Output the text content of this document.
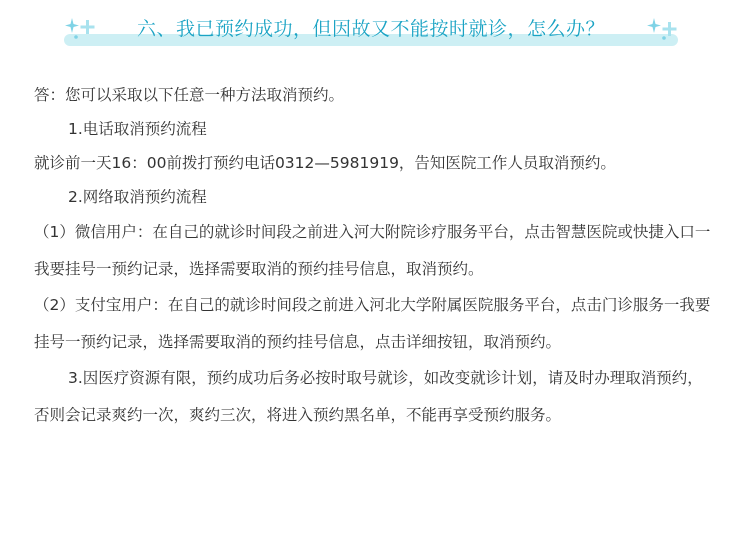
六、我已预约成功，但因故又不能按时就诊，怎么办？

答：您可以采取以下任意一种方法取消预约。

1.电话取消预约流程

就诊前一天16：00前拨打预约电话0312—5981919，告知医院工作人员取消预约。

2.网络取消预约流程

（1）微信用户：在自己的就诊时间段之前进入河大附院诊疗服务平台，点击智慧医院或快捷入口一我要挂号一预约记录，选择需要取消的预约挂号信息，取消预约。

（2）支付宝用户：在自己的就诊时间段之前进入河北大学附属医院服务平台，点击门诊服务一我要挂号一预约记录，选择需要取消的预约挂号信息，点击详细按钮，取消预约。

3.因医疗资源有限，预约成功后务必按时取号就诊，如改变就诊计划，请及时办理取消预约，否则会记录爽约一次，爽约三次，将进入预约黑名单，不能再享受预约服务。
